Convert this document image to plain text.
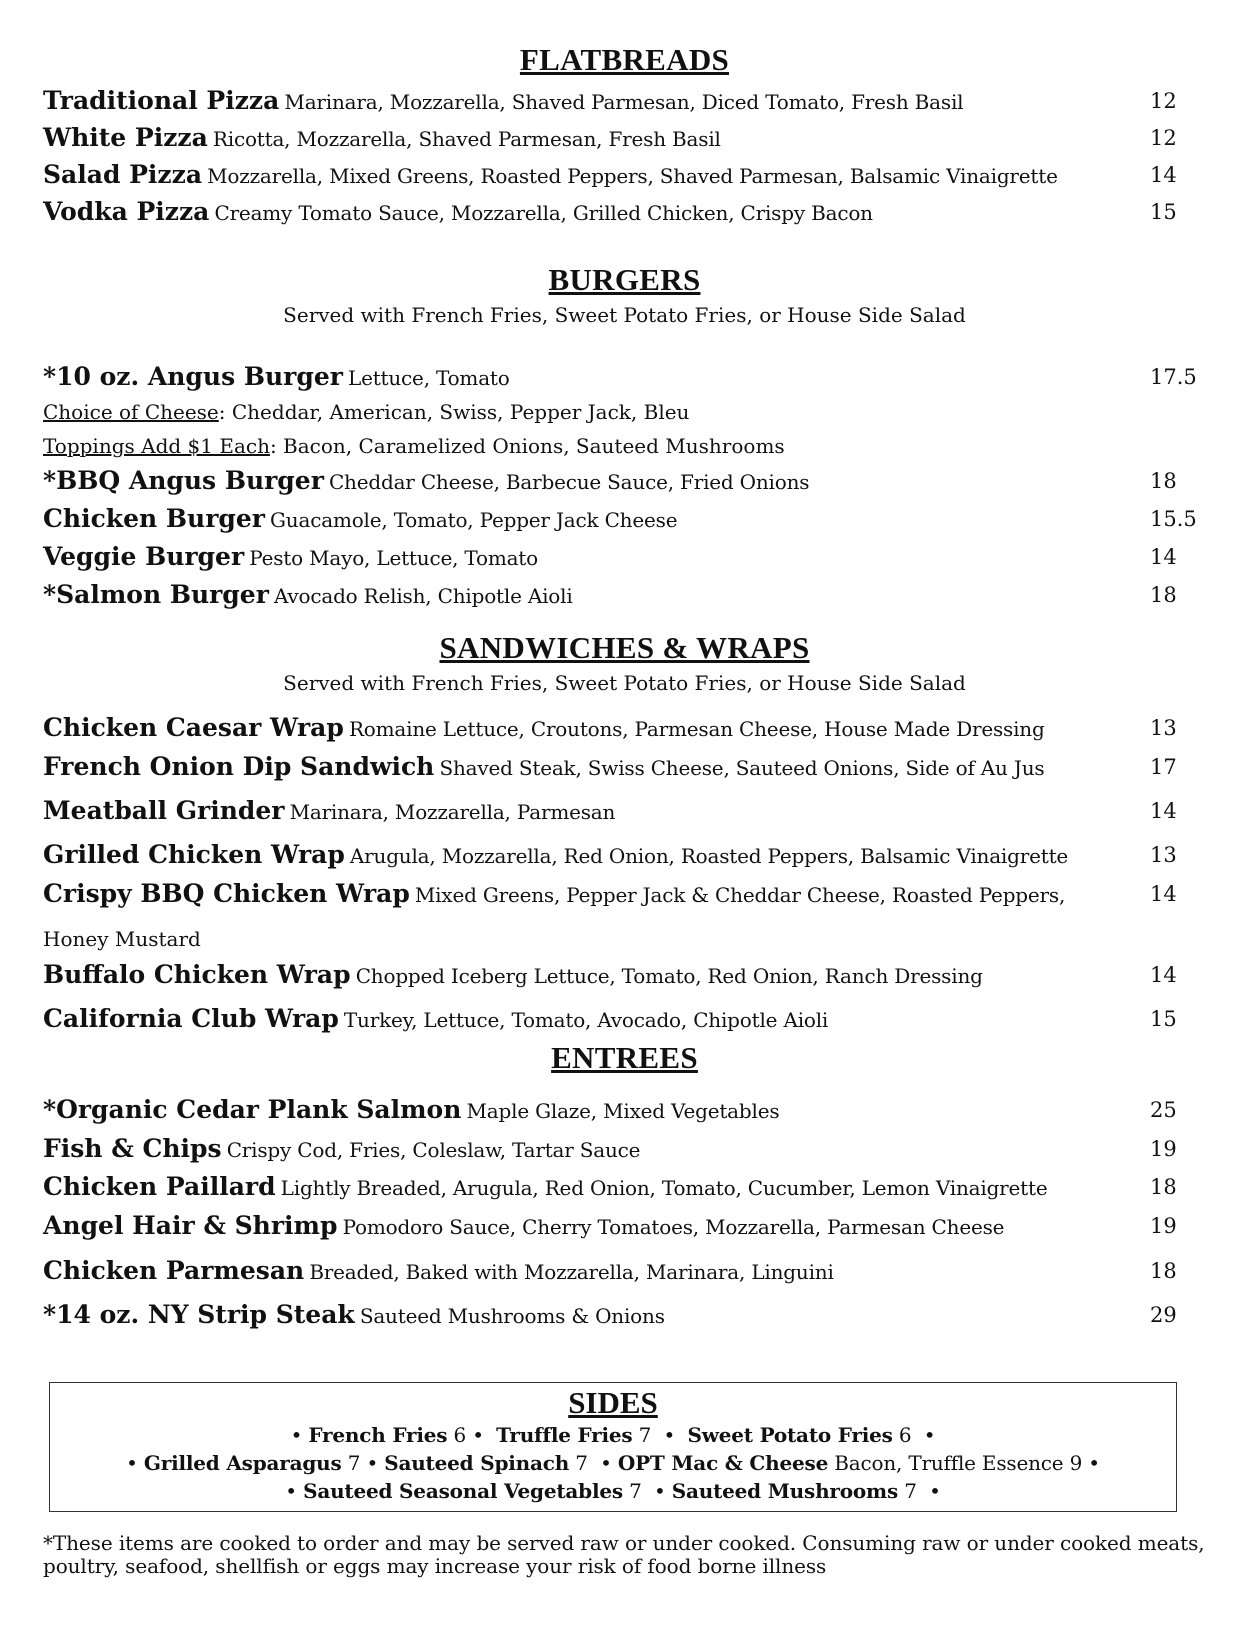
FLATBREADS
Traditional Pizza Marinara, Mozzarella, Shaved Parmesan, Diced Tomato, Fresh Basil	12
White Pizza Ricotta, Mozzarella, Shaved Parmesan, Fresh Basil	12
Salad Pizza Mozzarella, Mixed Greens, Roasted Peppers, Shaved Parmesan, Balsamic Vinaigrette	14
Vodka Pizza Creamy Tomato Sauce, Mozzarella, Grilled Chicken, Crispy Bacon	15
BURGERS
Served with French Fries, Sweet Potato Fries, or House Side Salad
*10 oz. Angus Burger Lettuce, Tomato	17.5
Choice of Cheese: Cheddar, American, Swiss, Pepper Jack, Bleu
Toppings Add $1 Each: Bacon, Caramelized Onions, Sauteed Mushrooms
*BBQ Angus Burger Cheddar Cheese, Barbecue Sauce, Fried Onions	18
Chicken Burger Guacamole, Tomato, Pepper Jack Cheese	15.5
Veggie Burger Pesto Mayo, Lettuce, Tomato	14
*Salmon Burger Avocado Relish, Chipotle Aioli	18
SANDWICHES & WRAPS
Served with French Fries, Sweet Potato Fries, or House Side Salad
Chicken Caesar Wrap Romaine Lettuce, Croutons, Parmesan Cheese, House Made Dressing	13
French Onion Dip Sandwich Shaved Steak, Swiss Cheese, Sauteed Onions, Side of Au Jus	17
Meatball Grinder Marinara, Mozzarella, Parmesan	14
Grilled Chicken Wrap Arugula, Mozzarella, Red Onion, Roasted Peppers, Balsamic Vinaigrette	13
Crispy BBQ Chicken Wrap Mixed Greens, Pepper Jack & Cheddar Cheese, Roasted Peppers,	14
Honey Mustard
Buffalo Chicken Wrap Chopped Iceberg Lettuce, Tomato, Red Onion, Ranch Dressing	14
California Club Wrap Turkey, Lettuce, Tomato, Avocado, Chipotle Aioli	15
ENTREES
*Organic Cedar Plank Salmon Maple Glaze, Mixed Vegetables	25
Fish & Chips Crispy Cod, Fries, Coleslaw, Tartar Sauce	19
Chicken Paillard Lightly Breaded, Arugula, Red Onion, Tomato, Cucumber, Lemon Vinaigrette	18
Angel Hair & Shrimp Pomodoro Sauce, Cherry Tomatoes, Mozzarella, Parmesan Cheese	19
Chicken Parmesan Breaded, Baked with Mozzarella, Marinara, Linguini	18
*14 oz. NY Strip Steak Sauteed Mushrooms & Onions	29
SIDES
• French Fries 6 • Truffle Fries 7 • Sweet Potato Fries 6 •
• Grilled Asparagus 7 • Sauteed Spinach 7 • OPT Mac & Cheese Bacon, Truffle Essence 9 •
• Sauteed Seasonal Vegetables 7 • Sauteed Mushrooms 7 •
*These items are cooked to order and may be served raw or under cooked. Consuming raw or under cooked meats, poultry, seafood, shellfish or eggs may increase your risk of food borne illness
